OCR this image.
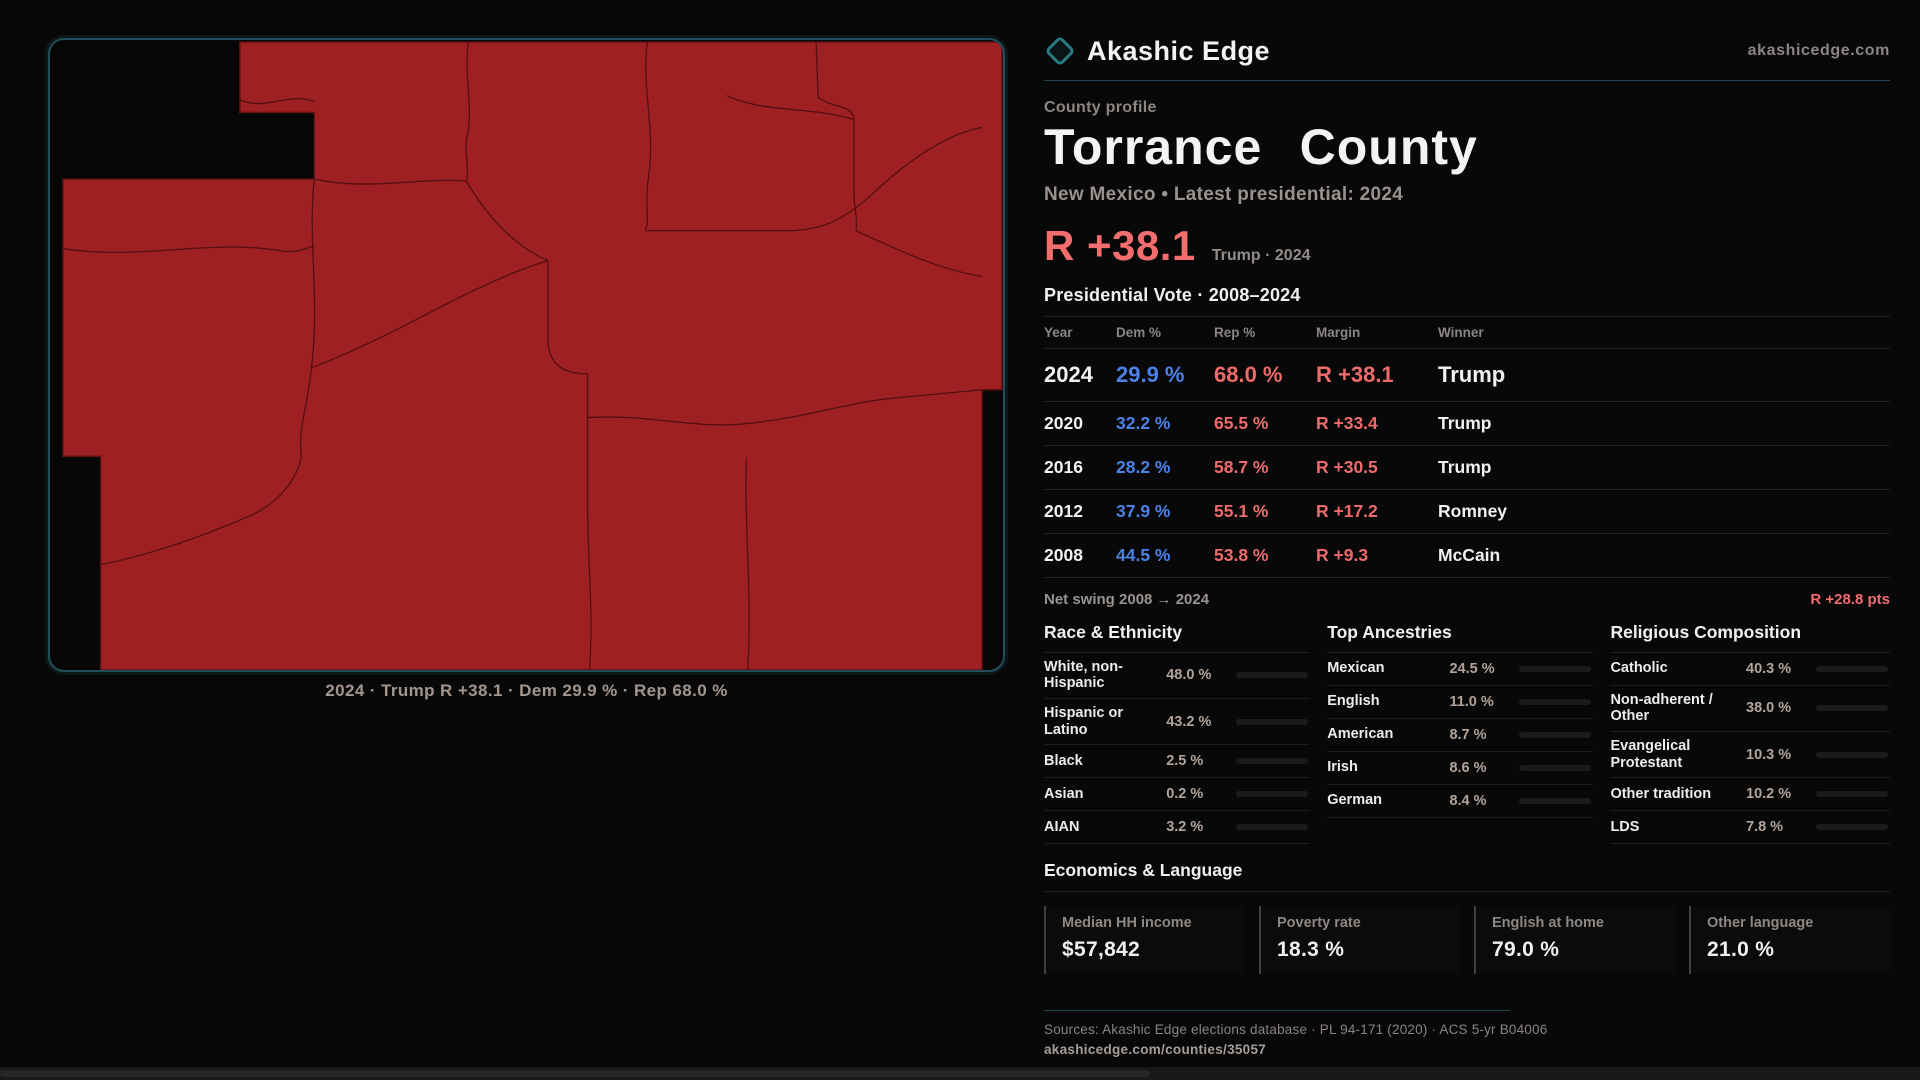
2024 · Trump R +38.1 · Dem 29.9 % · Rep 68.0 %
Akashic Edge	akashicedge.com
County profile
Torrance County
New Mexico • Latest presidential: 2024
R +38.1 Trump · 2024
Presidential Vote · 2008–2024
Year	Dem %	Rep %	Margin	Winner
2024	29.9 %	68.0 %	R +38.1	Trump
2020	32.2 %	65.5 %	R +33.4	Trump
2016	28.2 %	58.7 %	R +30.5	Trump
2012	37.9 %	55.1 %	R +17.2	Romney
2008	44.5 %	53.8 %	R +9.3	McCain
Net swing 2008 → 2024	R +28.8 pts
Race & Ethnicity
White, non-Hispanic	48.0 %
Hispanic or Latino	43.2 %
Black	2.5 %
Asian	0.2 %
AIAN	3.2 %
Top Ancestries
Mexican	24.5 %
English	11.0 %
American	8.7 %
Irish	8.6 %
German	8.4 %
Religious Composition
Catholic	40.3 %
Non-adherent / Other	38.0 %
Evangelical Protestant	10.3 %
Other tradition	10.2 %
LDS	7.8 %
Economics & Language
Median HH income
$57,842
Poverty rate
18.3 %
English at home
79.0 %
Other language
21.0 %
Sources: Akashic Edge elections database · PL 94-171 (2020) · ACS 5-yr B04006
akashicedge.com/counties/35057
